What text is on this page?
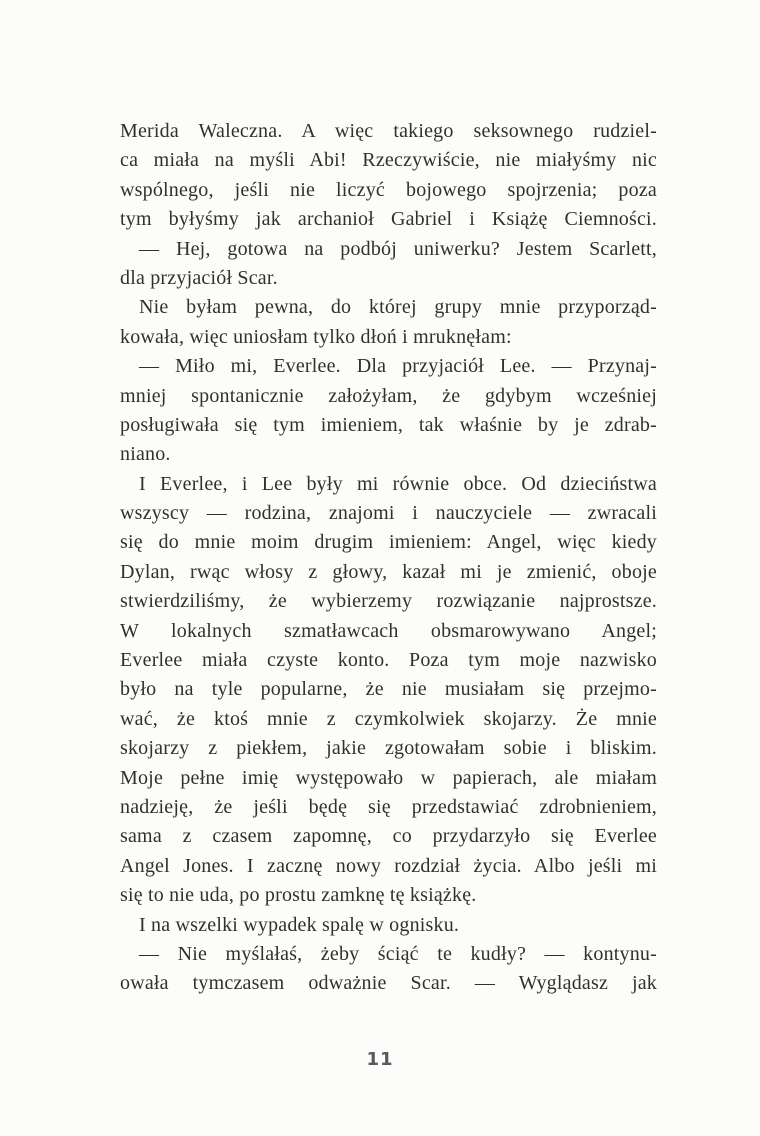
Merida Waleczna. A więc takiego seksownego rudziel-
ca miała na myśli Abi! Rzeczywiście, nie miałyśmy nic
wspólnego, jeśli nie liczyć bojowego spojrzenia; poza
tym byłyśmy jak archanioł Gabriel i Książę Ciemności.
— Hej, gotowa na podbój uniwerku? Jestem Scarlett,
dla przyjaciół Scar.
Nie byłam pewna, do której grupy mnie przyporząd-
kowała, więc uniosłam tylko dłoń i mruknęłam:
— Miło mi, Everlee. Dla przyjaciół Lee. — Przynaj-
mniej spontanicznie założyłam, że gdybym wcześniej
posługiwała się tym imieniem, tak właśnie by je zdrab-
niano.
I Everlee, i Lee były mi równie obce. Od dzieciństwa
wszyscy — rodzina, znajomi i nauczyciele — zwracali
się do mnie moim drugim imieniem: Angel, więc kiedy
Dylan, rwąc włosy z głowy, kazał mi je zmienić, oboje
stwierdziliśmy, że wybierzemy rozwiązanie najprostsze.
W lokalnych szmatławcach obsmarowywano Angel;
Everlee miała czyste konto. Poza tym moje nazwisko
było na tyle popularne, że nie musiałam się przejmo-
wać, że ktoś mnie z czymkolwiek skojarzy. Że mnie
skojarzy z piekłem, jakie zgotowałam sobie i bliskim.
Moje pełne imię występowało w papierach, ale miałam
nadzieję, że jeśli będę się przedstawiać zdrobnieniem,
sama z czasem zapomnę, co przydarzyło się Everlee
Angel Jones. I zacznę nowy rozdział życia. Albo jeśli mi
się to nie uda, po prostu zamknę tę książkę.
I na wszelki wypadek spalę w ognisku.
— Nie myślałaś, żeby ściąć te kudły? — kontynu-
owała tymczasem odważnie Scar. — Wyglądasz jak
11
